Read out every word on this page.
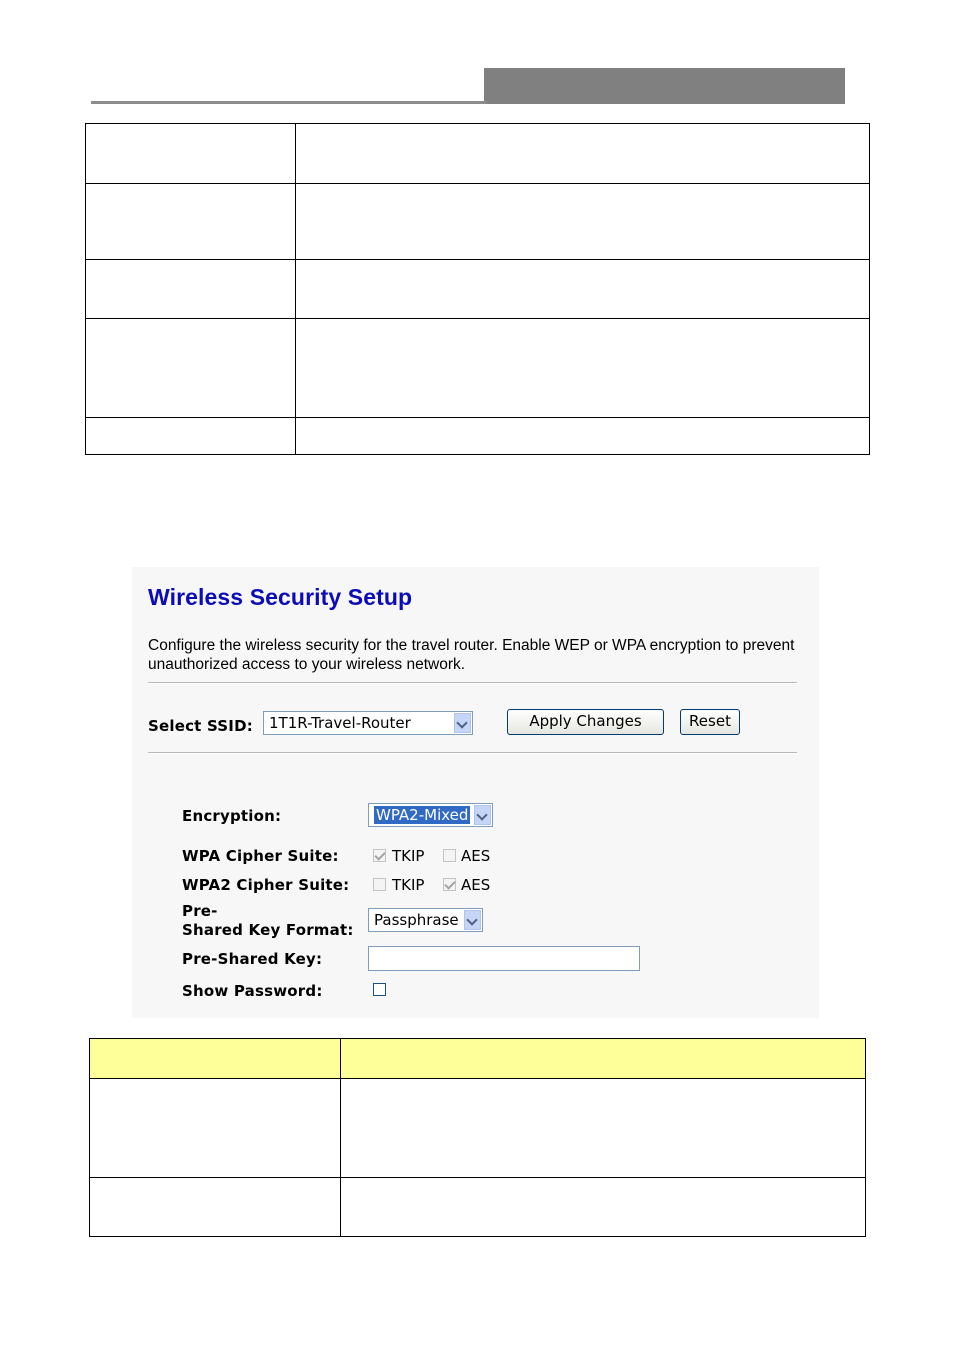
Wireless Security Setup
Configure the wireless security for the travel router. Enable WEP or WPA encryption to prevent unauthorized access to your wireless network.
Select SSID:	1T1R-Travel-Router	Apply Changes	Reset
Encryption:	WPA2-Mixed
WPA Cipher Suite:	TKIP AES
WPA2 Cipher Suite:	TKIP AES
Pre-
Shared Key Format:
Passphrase
Pre-Shared Key:
Show Password:
